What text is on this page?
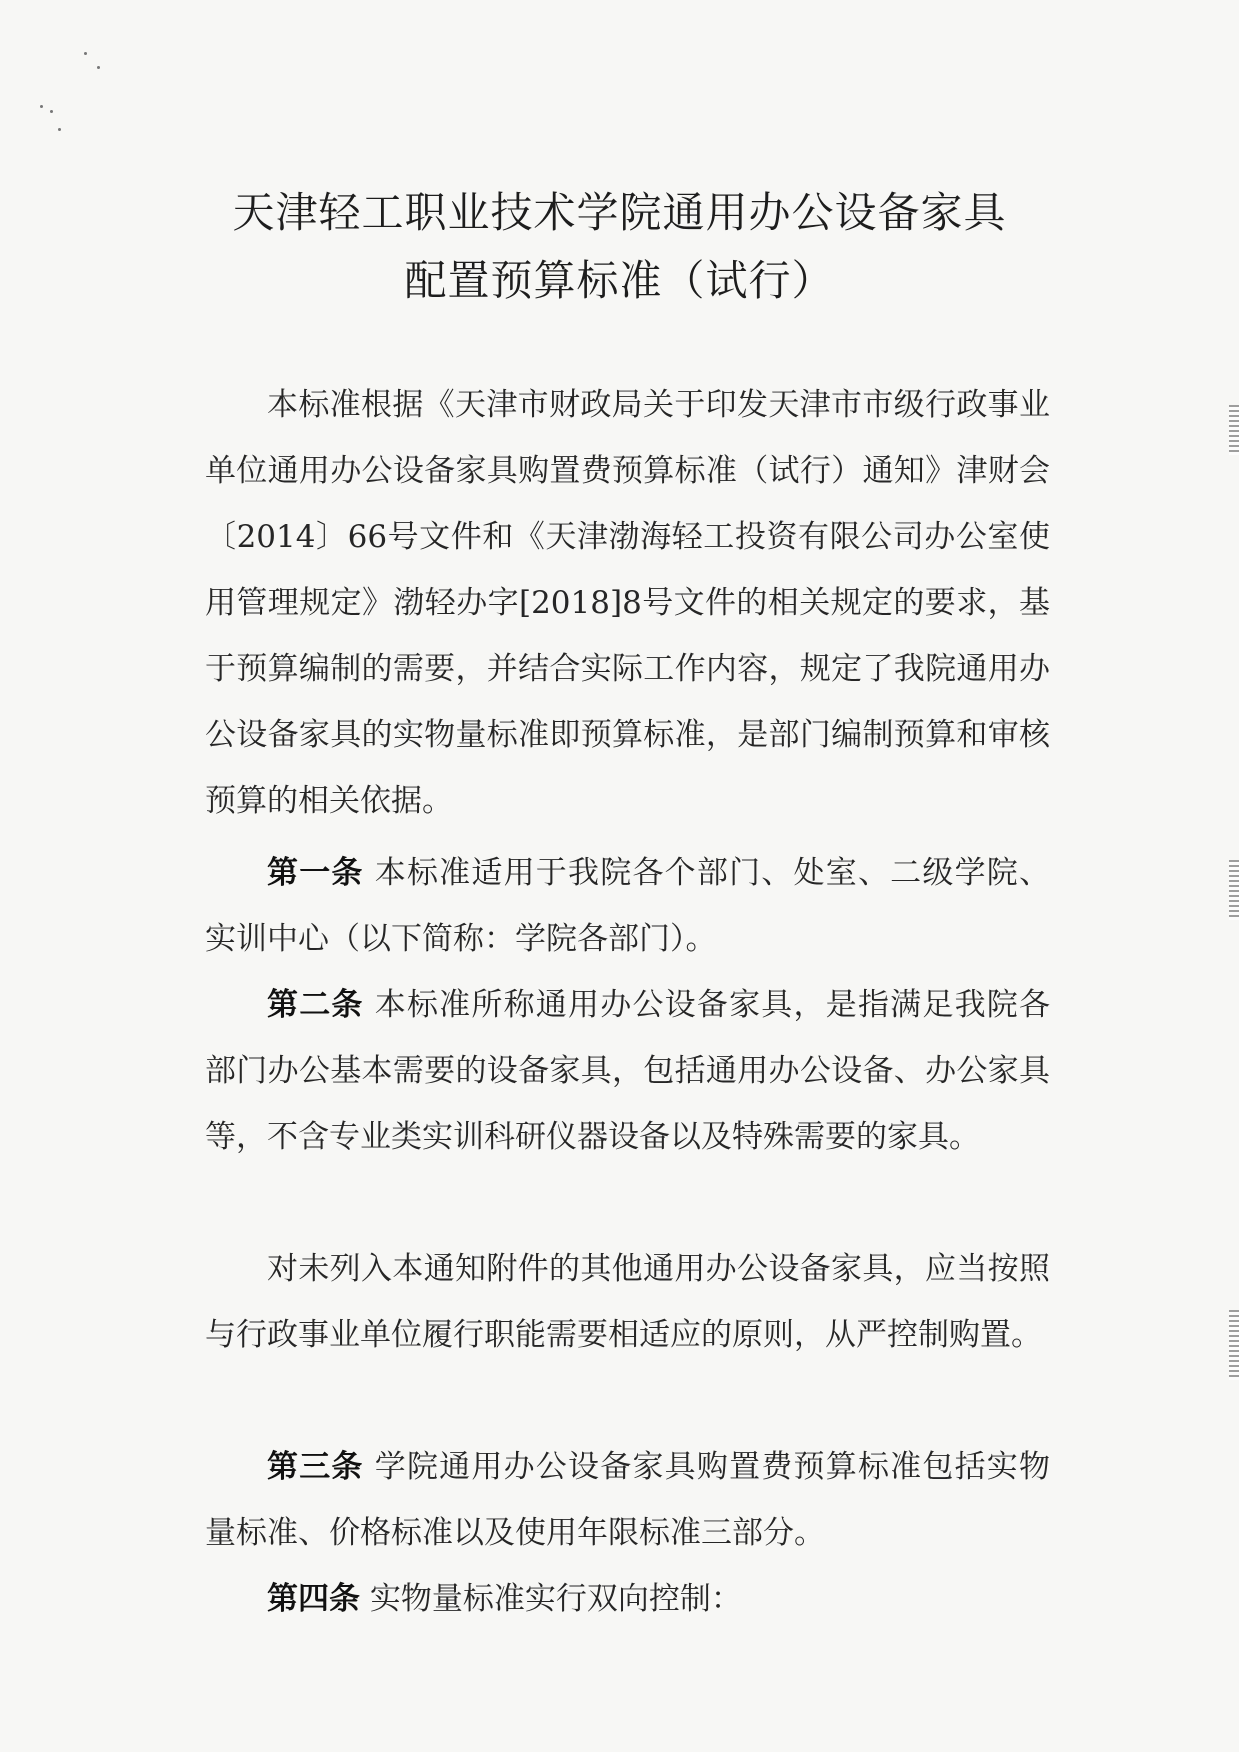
天津轻工职业技术学院通用办公设备家具
配置预算标准（试行）

本标准根据《天津市财政局关于印发天津市市级行政事业单位通用办公设备家具购置费预算标准（试行）通知》津财会〔2014〕66号文件和《天津渤海轻工投资有限公司办公室使用管理规定》渤轻办字[2018]8号文件的相关规定的要求，基于预算编制的需要，并结合实际工作内容，规定了我院通用办公设备家具的实物量标准即预算标准，是部门编制预算和审核预算的相关依据。

第一条 本标准适用于我院各个部门、处室、二级学院、实训中心（以下简称：学院各部门）。

第二条 本标准所称通用办公设备家具，是指满足我院各部门办公基本需要的设备家具，包括通用办公设备、办公家具等，不含专业类实训科研仪器设备以及特殊需要的家具。

对未列入本通知附件的其他通用办公设备家具，应当按照与行政事业单位履行职能需要相适应的原则，从严控制购置。

第三条 学院通用办公设备家具购置费预算标准包括实物量标准、价格标准以及使用年限标准三部分。

第四条 实物量标准实行双向控制：
